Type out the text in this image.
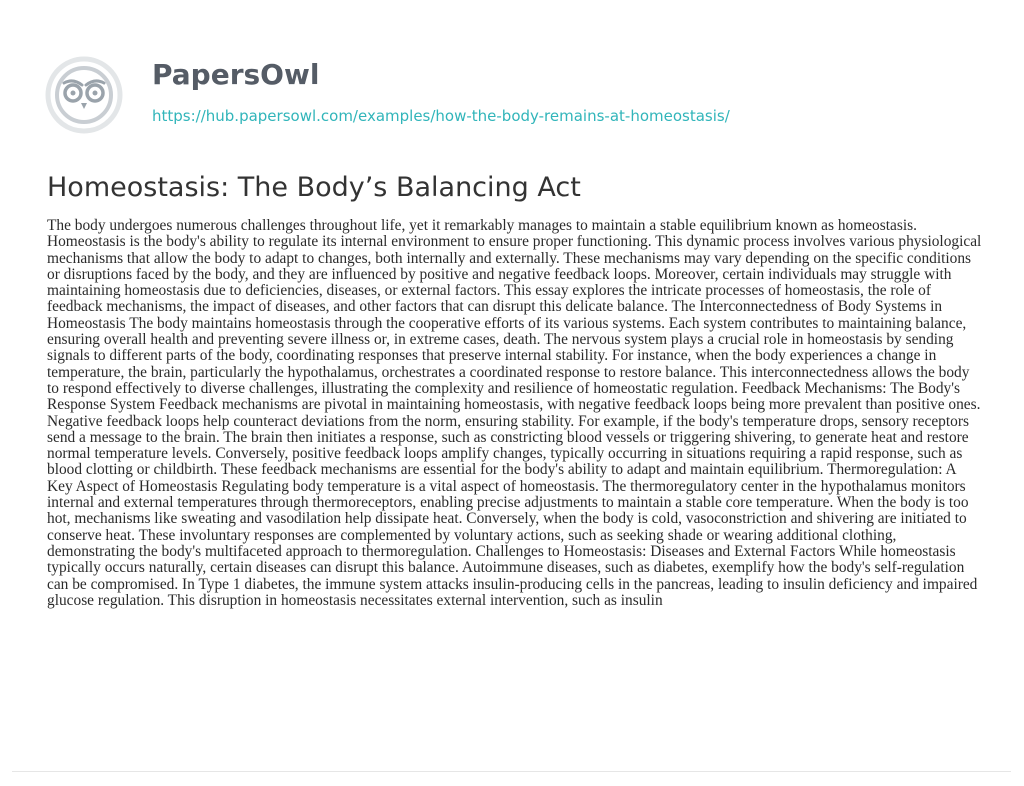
PapersOwl
https://hub.papersowl.com/examples/how-the-body-remains-at-homeostasis/
Homeostasis: The Body’s Balancing Act

The body undergoes numerous challenges throughout life, yet it remarkably manages to maintain a stable equilibrium known as homeostasis. Homeostasis is the body's ability to regulate its internal environment to ensure proper functioning. This dynamic process involves various physiological mechanisms that allow the body to adapt to changes, both internally and externally. These mechanisms may vary depending on the specific conditions or disruptions faced by the body, and they are influenced by positive and negative feedback loops. Moreover, certain individuals may struggle with maintaining homeostasis due to deficiencies, diseases, or external factors. This essay explores the intricate processes of homeostasis, the role of feedback mechanisms, the impact of diseases, and other factors that can disrupt this delicate balance. The Interconnectedness of Body Systems in Homeostasis The body maintains homeostasis through the cooperative efforts of its various systems. Each system contributes to maintaining balance, ensuring overall health and preventing severe illness or, in extreme cases, death. The nervous system plays a crucial role in homeostasis by sending signals to different parts of the body, coordinating responses that preserve internal stability. For instance, when the body experiences a change in temperature, the brain, particularly the hypothalamus, orchestrates a coordinated response to restore balance. This interconnectedness allows the body to respond effectively to diverse challenges, illustrating the complexity and resilience of homeostatic regulation. Feedback Mechanisms: The Body's Response System Feedback mechanisms are pivotal in maintaining homeostasis, with negative feedback loops being more prevalent than positive ones. Negative feedback loops help counteract deviations from the norm, ensuring stability. For example, if the body's temperature drops, sensory receptors send a message to the brain. The brain then initiates a response, such as constricting blood vessels or triggering shivering, to generate heat and restore normal temperature levels. Conversely, positive feedback loops amplify changes, typically occurring in situations requiring a rapid response, such as blood clotting or childbirth. These feedback mechanisms are essential for the body's ability to adapt and maintain equilibrium. Thermoregulation: A Key Aspect of Homeostasis Regulating body temperature is a vital aspect of homeostasis. The thermoregulatory center in the hypothalamus monitors internal and external temperatures through thermoreceptors, enabling precise adjustments to maintain a stable core temperature. When the body is too hot, mechanisms like sweating and vasodilation help dissipate heat. Conversely, when the body is cold, vasoconstriction and shivering are initiated to conserve heat. These involuntary responses are complemented by voluntary actions, such as seeking shade or wearing additional clothing, demonstrating the body's multifaceted approach to thermoregulation. Challenges to Homeostasis: Diseases and External Factors While homeostasis typically occurs naturally, certain diseases can disrupt this balance. Autoimmune diseases, such as diabetes, exemplify how the body's self-regulation can be compromised. In Type 1 diabetes, the immune system attacks insulin-producing cells in the pancreas, leading to insulin deficiency and impaired glucose regulation. This disruption in homeostasis necessitates external intervention, such as insulin
